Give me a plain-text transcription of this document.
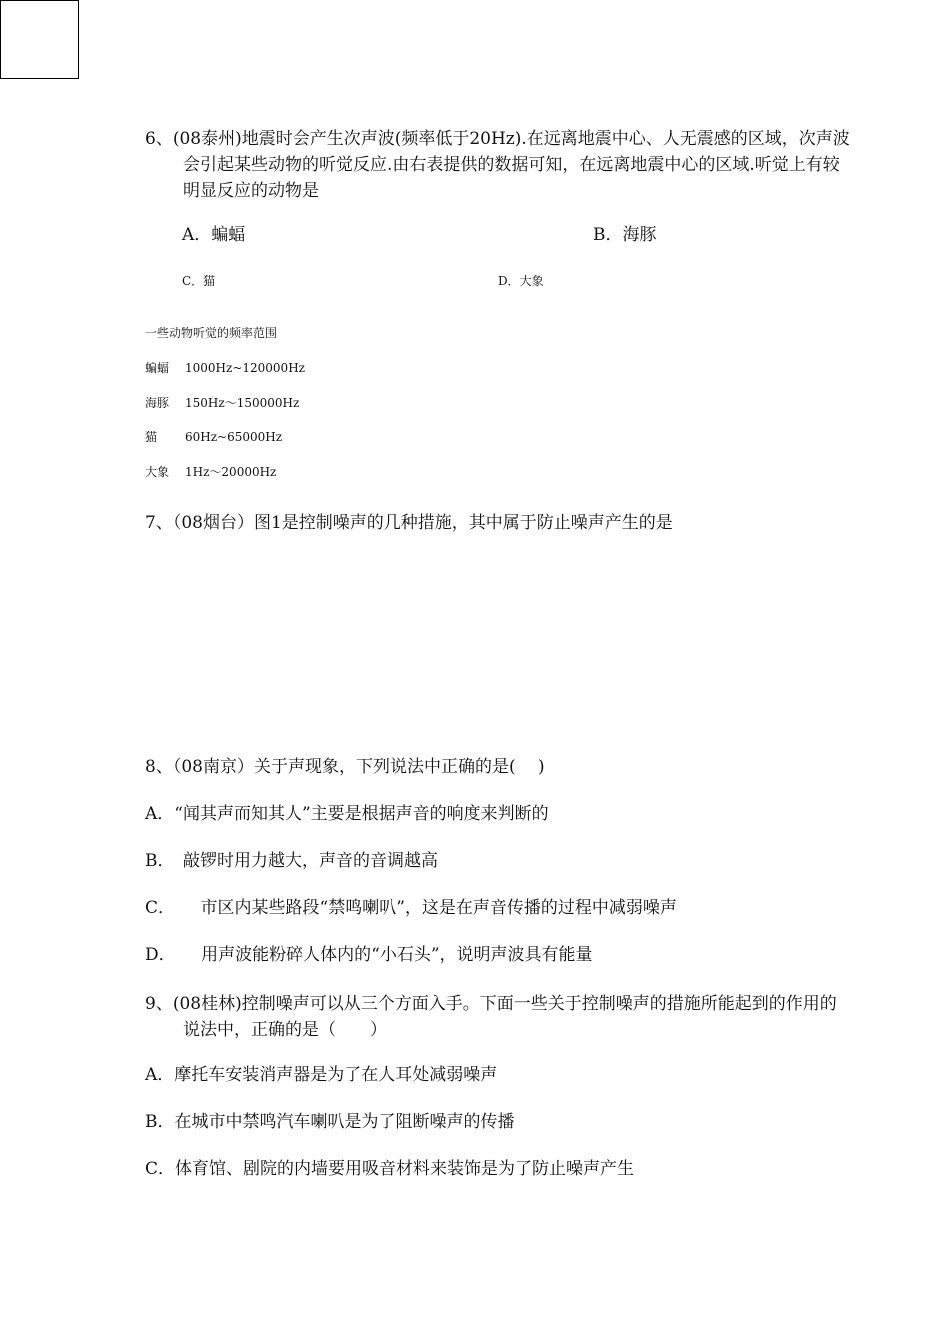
6、(08泰州)地震时会产生次声波(频率低于20Hz).在远离地震中心、人无震感的区域，次声波会引起某些动物的听觉反应.由右表提供的数据可知，在远离地震中心的区域.听觉上有较明显反应的动物是
A．蝙蝠	B．海豚
C．猫	D．大象
一些动物听觉的频率范围
蝙蝠 1000Hz~120000Hz
海豚 150Hz～150000Hz
猫 60Hz~65000Hz
大象 1Hz～20000Hz
7、（08烟台）图1是控制噪声的几种措施，其中属于防止噪声产生的是
8、（08南京）关于声现象，下列说法中正确的是(　 )
A．“闻其声而知其人”主要是根据声音的响度来判断的
B．　敲锣时用力越大，声音的音调越高
C．　　市区内某些路段“禁鸣喇叭”，这是在声音传播的过程中减弱噪声
D．　　用声波能粉碎人体内的“小石头”，说明声波具有能量
9、(08桂林)控制噪声可以从三个方面入手。下面一些关于控制噪声的措施所能起到的作用的说法中，正确的是（　　）
A．摩托车安装消声器是为了在人耳处减弱噪声
B．在城市中禁鸣汽车喇叭是为了阻断噪声的传播
C．体育馆、剧院的内墙要用吸音材料来装饰是为了防止噪声产生
